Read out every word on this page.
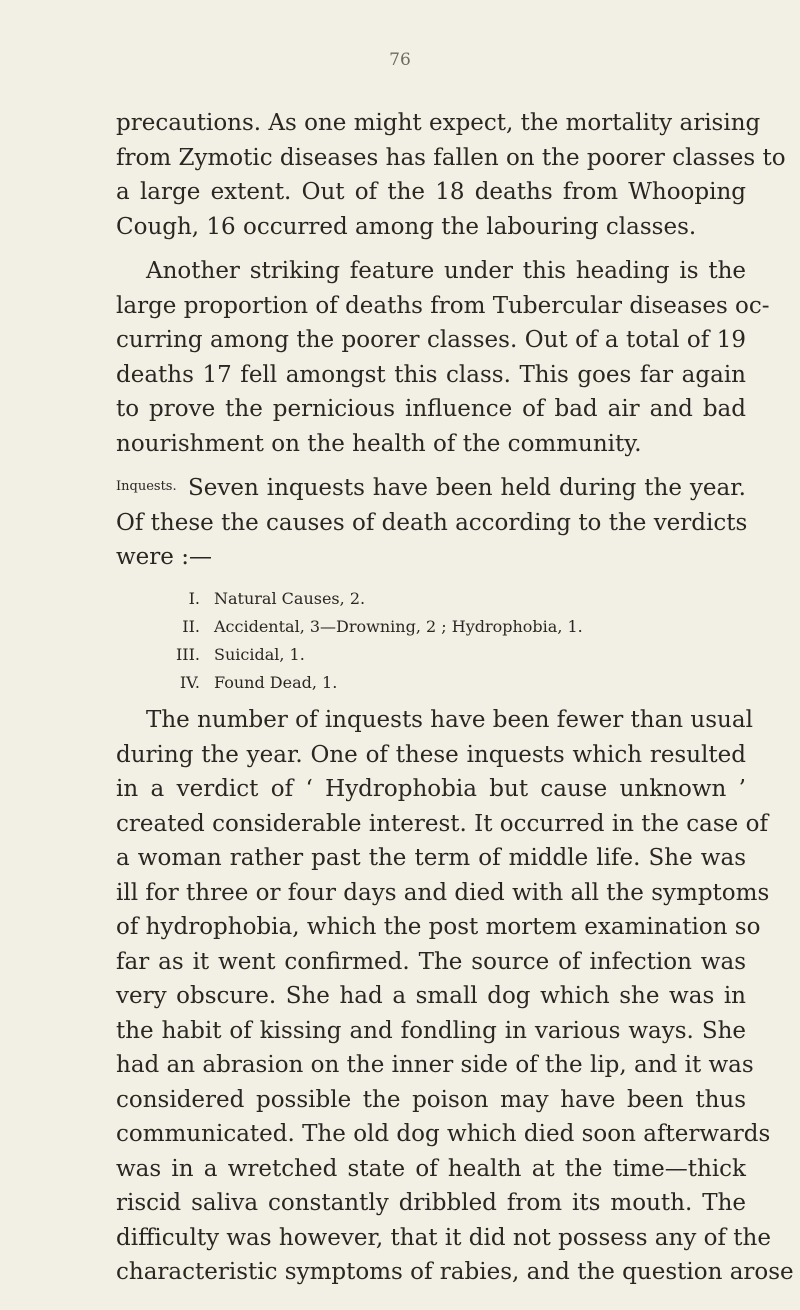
76
precautions. As one might expect, the mortality arising
from Zymotic diseases has fallen on the poorer classes to
a large extent. Out of the 18 deaths from Whooping
Cough, 16 occurred among the labouring classes.
Another striking feature under this heading is the
large proportion of deaths from Tubercular diseases oc-
curring among the poorer classes. Out of a total of 19
deaths 17 fell amongst this class. This goes far again
to prove the pernicious influence of bad air and bad
nourishment on the health of the community.
Inquests. Seven inquests have been held during the year.
Of these the causes of death according to the verdicts
were :—
I. Natural Causes, 2.
II. Accidental, 3—Drowning, 2 ; Hydrophobia, 1.
III. Suicidal, 1.
IV. Found Dead, 1.
The number of inquests have been fewer than usual
during the year. One of these inquests which resulted
in a verdict of ‘ Hydrophobia but cause unknown ’
created considerable interest. It occurred in the case of
a woman rather past the term of middle life. She was
ill for three or four days and died with all the symptoms
of hydrophobia, which the post mortem examination so
far as it went confirmed. The source of infection was
very obscure. She had a small dog which she was in
the habit of kissing and fondling in various ways. She
had an abrasion on the inner side of the lip, and it was
considered possible the poison may have been thus
communicated. The old dog which died soon afterwards
was in a wretched state of health at the time—thick
riscid saliva constantly dribbled from its mouth. The
difficulty was however, that it did not possess any of the
characteristic symptoms of rabies, and the question arose
